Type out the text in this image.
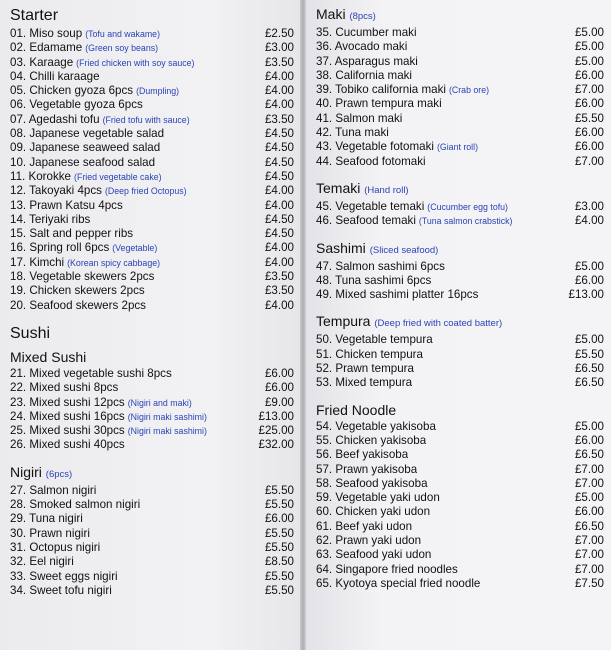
Starter
01. Miso soup (Tofu and wakame)	£2.50
02. Edamame (Green soy beans)	£3.00
03. Karaage (Fried chicken with soy sauce)	£3.50
04. Chilli karaage	£4.00
05. Chicken gyoza 6pcs (Dumpling)	£4.00
06. Vegetable gyoza 6pcs	£4.00
07. Agedashi tofu (Fried tofu with sauce)	£3.50
08. Japanese vegetable salad	£4.50
09. Japanese seaweed salad	£4.50
10. Japanese seafood salad	£4.50
11. Korokke (Fried vegetable cake)	£4.50
12. Takoyaki 4pcs (Deep fried Octopus)	£4.00
13. Prawn Katsu 4pcs	£4.00
14. Teriyaki ribs	£4.50
15. Salt and pepper ribs	£4.50
16. Spring roll 6pcs (Vegetable)	£4.00
17. Kimchi (Korean spicy cabbage)	£4.00
18. Vegetable skewers 2pcs	£3.50
19. Chicken skewers 2pcs	£3.50
20. Seafood skewers 2pcs	£4.00
Sushi
Mixed Sushi
21. Mixed vegetable sushi 8pcs	£6.00
22. Mixed sushi 8pcs	£6.00
23. Mixed sushi 12pcs (Nigiri and maki)	£9.00
24. Mixed sushi 16pcs (Nigiri maki sashimi)	£13.00
25. Mixed sushi 30pcs (Nigiri maki sashimi)	£25.00
26. Mixed sushi 40pcs	£32.00
Nigiri (6pcs)
27. Salmon nigiri	£5.50
28. Smoked salmon nigiri	£5.50
29. Tuna nigiri	£6.00
30. Prawn nigiri	£5.50
31. Octopus nigiri	£5.50
32. Eel nigiri	£8.50
33. Sweet eggs nigiri	£5.50
34. Sweet tofu nigiri	£5.50
Maki (8pcs)
35. Cucumber maki	£5.00
36. Avocado maki	£5.00
37. Asparagus maki	£5.00
38. California maki	£6.00
39. Tobiko california maki (Crab ore)	£7.00
40. Prawn tempura maki	£6.00
41. Salmon maki	£5.50
42. Tuna maki	£6.00
43. Vegetable fotomaki (Giant roll)	£6.00
44. Seafood fotomaki	£7.00
Temaki (Hand roll)
45. Vegetable temaki (Cucumber egg tofu)	£3.00
46. Seafood temaki (Tuna salmon crabstick)	£4.00
Sashimi (Sliced seafood)
47. Salmon sashimi 6pcs	£5.00
48. Tuna sashimi 6pcs	£6.00
49. Mixed sashimi platter 16pcs	£13.00
Tempura (Deep fried with coated batter)
50. Vegetable tempura	£5.00
51. Chicken tempura	£5.50
52. Prawn tempura	£6.50
53. Mixed tempura	£6.50
Fried Noodle
54. Vegetable yakisoba	£5.00
55. Chicken yakisoba	£6.00
56. Beef yakisoba	£6.50
57. Prawn yakisoba	£7.00
58. Seafood yakisoba	£7.00
59. Vegetable yaki udon	£5.00
60. Chicken yaki udon	£6.00
61. Beef yaki udon	£6.50
62. Prawn yaki udon	£7.00
63. Seafood yaki udon	£7.00
64. Singapore fried noodles	£7.00
65. Kyotoya special fried noodle	£7.50
